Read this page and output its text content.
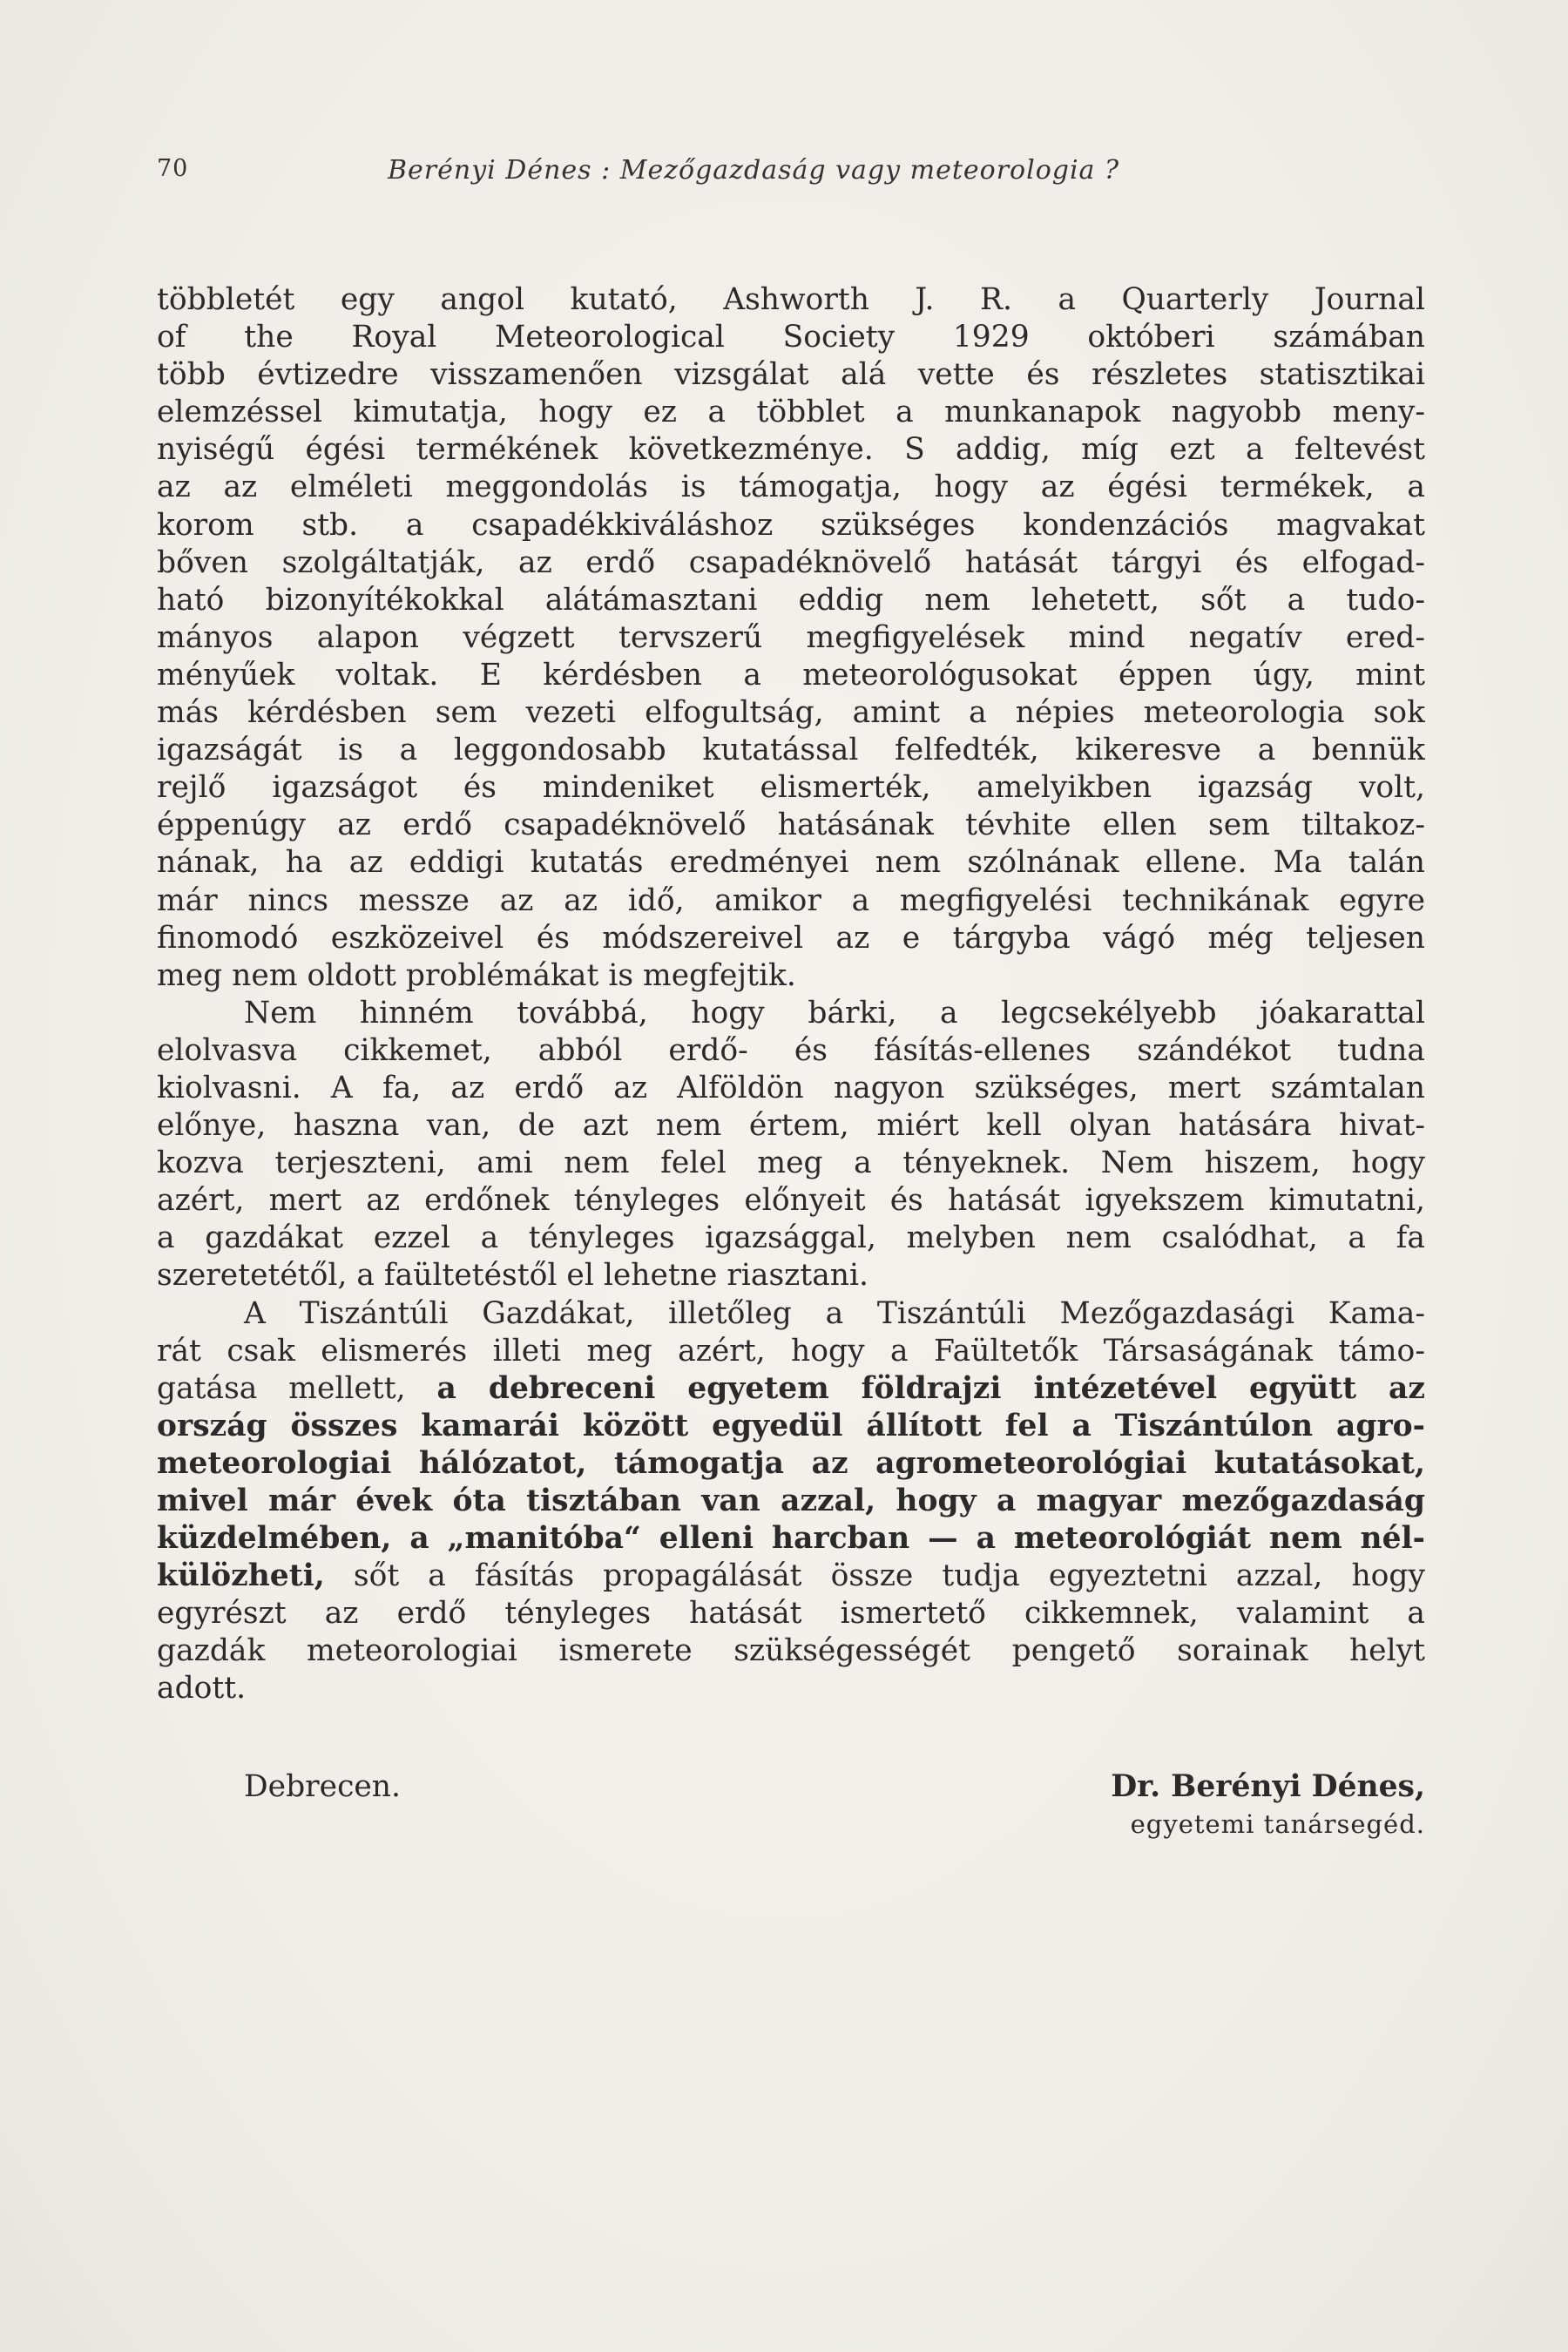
70	Berényi Dénes : Mezőgazdaság vagy meteorologia ?
többletét egy angol kutató, Ashworth J. R. a Quarterly Journal
of the Royal Meteorological Society 1929 októberi számában
több évtizedre visszamenően vizsgálat alá vette és részletes statisztikai
elemzéssel kimutatja, hogy ez a többlet a munkanapok nagyobb meny-
nyiségű égési termékének következménye. S addig, míg ezt a feltevést
az az elméleti meggondolás is támogatja, hogy az égési termékek, a
korom stb. a csapadékkiváláshoz szükséges kondenzációs magvakat
bőven szolgáltatják, az erdő csapadéknövelő hatását tárgyi és elfogad-
ható bizonyítékokkal alátámasztani eddig nem lehetett, sőt a tudo-
mányos alapon végzett tervszerű megfigyelések mind negatív ered-
ményűek voltak. E kérdésben a meteorológusokat éppen úgy, mint
más kérdésben sem vezeti elfogultság, amint a népies meteorologia sok
igazságát is a leggondosabb kutatással felfedték, kikeresve a bennük
rejlő igazságot és mindeniket elismerték, amelyikben igazság volt,
éppenúgy az erdő csapadéknövelő hatásának tévhite ellen sem tiltakoz-
nának, ha az eddigi kutatás eredményei nem szólnának ellene. Ma talán
már nincs messze az az idő, amikor a megfigyelési technikának egyre
finomodó eszközeivel és módszereivel az e tárgyba vágó még teljesen
meg nem oldott problémákat is megfejtik.
Nem hinném továbbá, hogy bárki, a legcsekélyebb jóakarattal
elolvasva cikkemet, abból erdő- és fásítás-ellenes szándékot tudna
kiolvasni. A fa, az erdő az Alföldön nagyon szükséges, mert számtalan
előnye, haszna van, de azt nem értem, miért kell olyan hatására hivat-
kozva terjeszteni, ami nem felel meg a tényeknek. Nem hiszem, hogy
azért, mert az erdőnek tényleges előnyeit és hatását igyekszem kimutatni,
a gazdákat ezzel a tényleges igazsággal, melyben nem csalódhat, a fa
szeretetétől, a faültetéstől el lehetne riasztani.
A Tiszántúli Gazdákat, illetőleg a Tiszántúli Mezőgazdasági Kama-
rát csak elismerés illeti meg azért, hogy a Faültetők Társaságának támo-
gatása mellett, a debreceni egyetem földrajzi intézetével együtt az
ország összes kamarái között egyedül állított fel a Tiszántúlon agro-
meteorologiai hálózatot, támogatja az agrometeorológiai kutatásokat,
mivel már évek óta tisztában van azzal, hogy a magyar mezőgazdaság
küzdelmében, a „manitóba“ elleni harcban — a meteorológiát nem nél-
külözheti, sőt a fásítás propagálását össze tudja egyeztetni azzal, hogy
egyrészt az erdő tényleges hatását ismertető cikkemnek, valamint a
gazdák meteorologiai ismerete szükségességét pengető sorainak helyt
adott.
Debrecen.	Dr. Berényi Dénes,
egyetemi tanársegéd.
